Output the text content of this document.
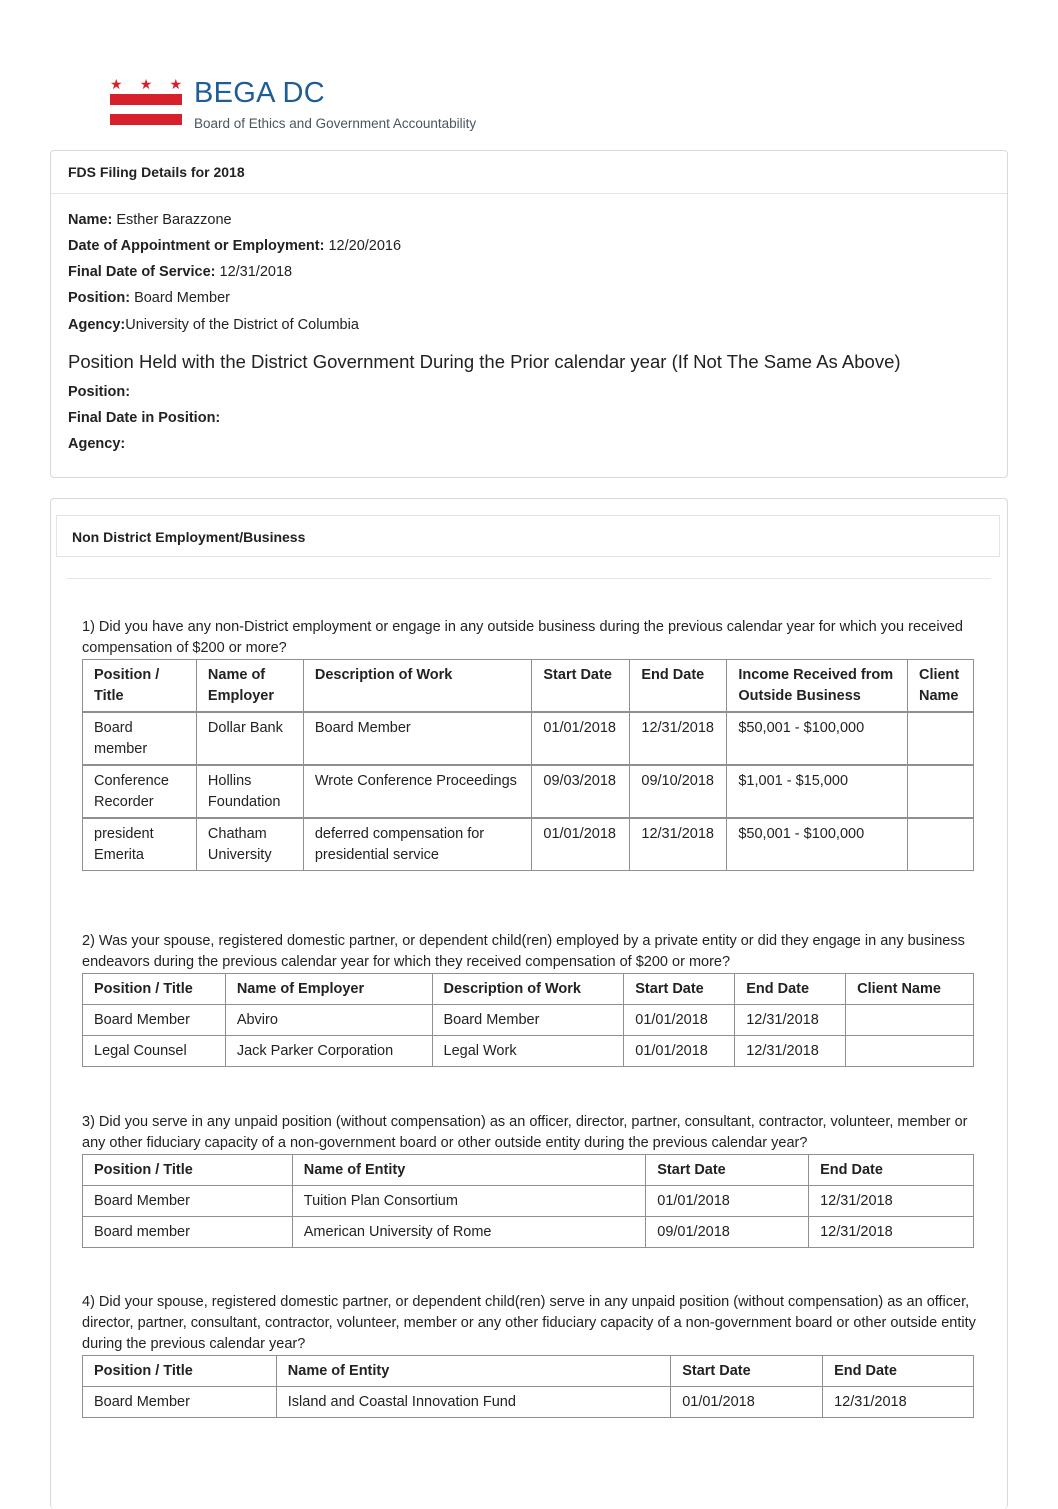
★ ★ ★ BEGA DC
Board of Ethics and Government Accountability
FDS Filing Details for 2018
Name: Esther Barazzone
Date of Appointment or Employment: 12/20/2016
Final Date of Service: 12/31/2018
Position: Board Member
Agency:University of the District of Columbia
Position Held with the District Government During the Prior calendar year (If Not The Same As Above)
Position:
Final Date in Position:
Agency:
Non District Employment/Business
1) Did you have any non-District employment or engage in any outside business during the previous calendar year for which you received compensation of $200 or more?
Position / Title	Name of Employer	Description of Work	Start Date	End Date	Income Received from Outside Business	Client Name
Board member	Dollar Bank	Board Member	01/01/2018	12/31/2018	$50,001 - $100,000	
Conference Recorder	Hollins Foundation	Wrote Conference Proceedings	09/03/2018	09/10/2018	$1,001 - $15,000	
president Emerita	Chatham University	deferred compensation for presidential service	01/01/2018	12/31/2018	$50,001 - $100,000	
2) Was your spouse, registered domestic partner, or dependent child(ren) employed by a private entity or did they engage in any business endeavors during the previous calendar year for which they received compensation of $200 or more?
Position / Title	Name of Employer	Description of Work	Start Date	End Date	Client Name
Board Member	Abviro	Board Member	01/01/2018	12/31/2018	
Legal Counsel	Jack Parker Corporation	Legal Work	01/01/2018	12/31/2018	
3) Did you serve in any unpaid position (without compensation) as an officer, director, partner, consultant, contractor, volunteer, member or any other fiduciary capacity of a non-government board or other outside entity during the previous calendar year?
Position / Title	Name of Entity	Start Date	End Date
Board Member	Tuition Plan Consortium	01/01/2018	12/31/2018
Board member	American University of Rome	09/01/2018	12/31/2018
4) Did your spouse, registered domestic partner, or dependent child(ren) serve in any unpaid position (without compensation) as an officer, director, partner, consultant, contractor, volunteer, member or any other fiduciary capacity of a non-government board or other outside entity during the previous calendar year?
Position / Title	Name of Entity	Start Date	End Date
Board Member	Island and Coastal Innovation Fund	01/01/2018	12/31/2018
